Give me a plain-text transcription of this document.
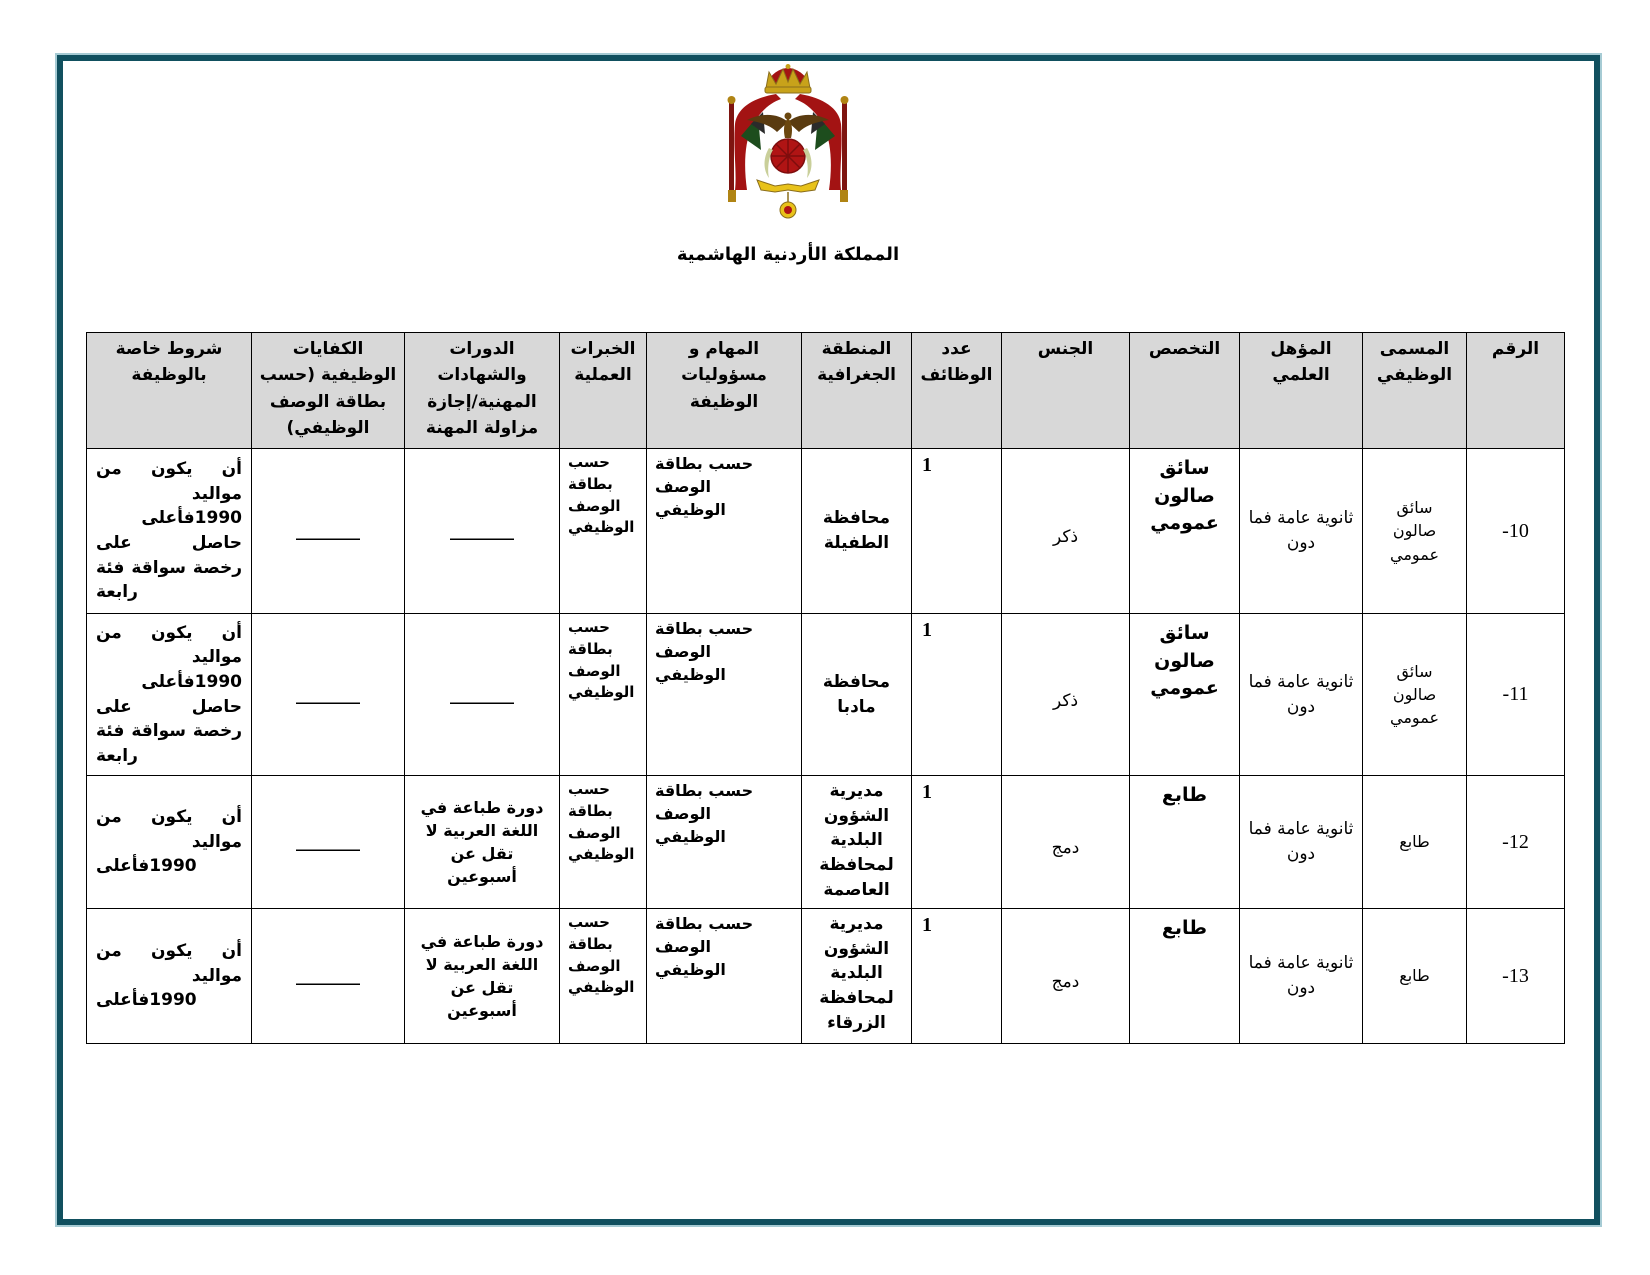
المملكة الأردنية الهاشمية
الرقم	المسمى الوظيفي	المؤهل العلمي	التخصص	الجنس	عدد الوظائف	المنطقة الجغرافية	المهام و مسؤوليات الوظيفة	الخبرات العملية	الدورات والشهادات المهنية/إجازة مزاولة المهنة	الكفايات الوظيفية (حسب بطاقة الوصف الوظيفي)	شروط خاصة بالوظيفة
10-	سائق صالون عمومي	ثانوية عامة فما دون	سائق صالون عمومي	ذكر	1	محافظة الطفيلة	حسب بطاقة الوصف الوظيفي	حسب بطاقة الوصف الوظيفي	________	________	أن يكون من مواليد 1990فأعلى حاصل على رخصة سواقة فئة رابعة
11-	سائق صالون عمومي	ثانوية عامة فما دون	سائق صالون عمومي	ذكر	1	محافظة مادبا	حسب بطاقة الوصف الوظيفي	حسب بطاقة الوصف الوظيفي	________	________	أن يكون من مواليد 1990فأعلى حاصل على رخصة سواقة فئة رابعة
12-	طابع	ثانوية عامة فما دون	طابع	دمج	1	مديرية الشؤون البلدية لمحافظة العاصمة	حسب بطاقة الوصف الوظيفي	حسب بطاقة الوصف الوظيفي	دورة طباعة في اللغة العربية لا تقل عن أسبوعين	________	أن يكون من مواليد 1990فأعلى
13-	طابع	ثانوية عامة فما دون	طابع	دمج	1	مديرية الشؤون البلدية لمحافظة الزرقاء	حسب بطاقة الوصف الوظيفي	حسب بطاقة الوصف الوظيفي	دورة طباعة في اللغة العربية لا تقل عن أسبوعين	________	أن يكون من مواليد 1990فأعلى
